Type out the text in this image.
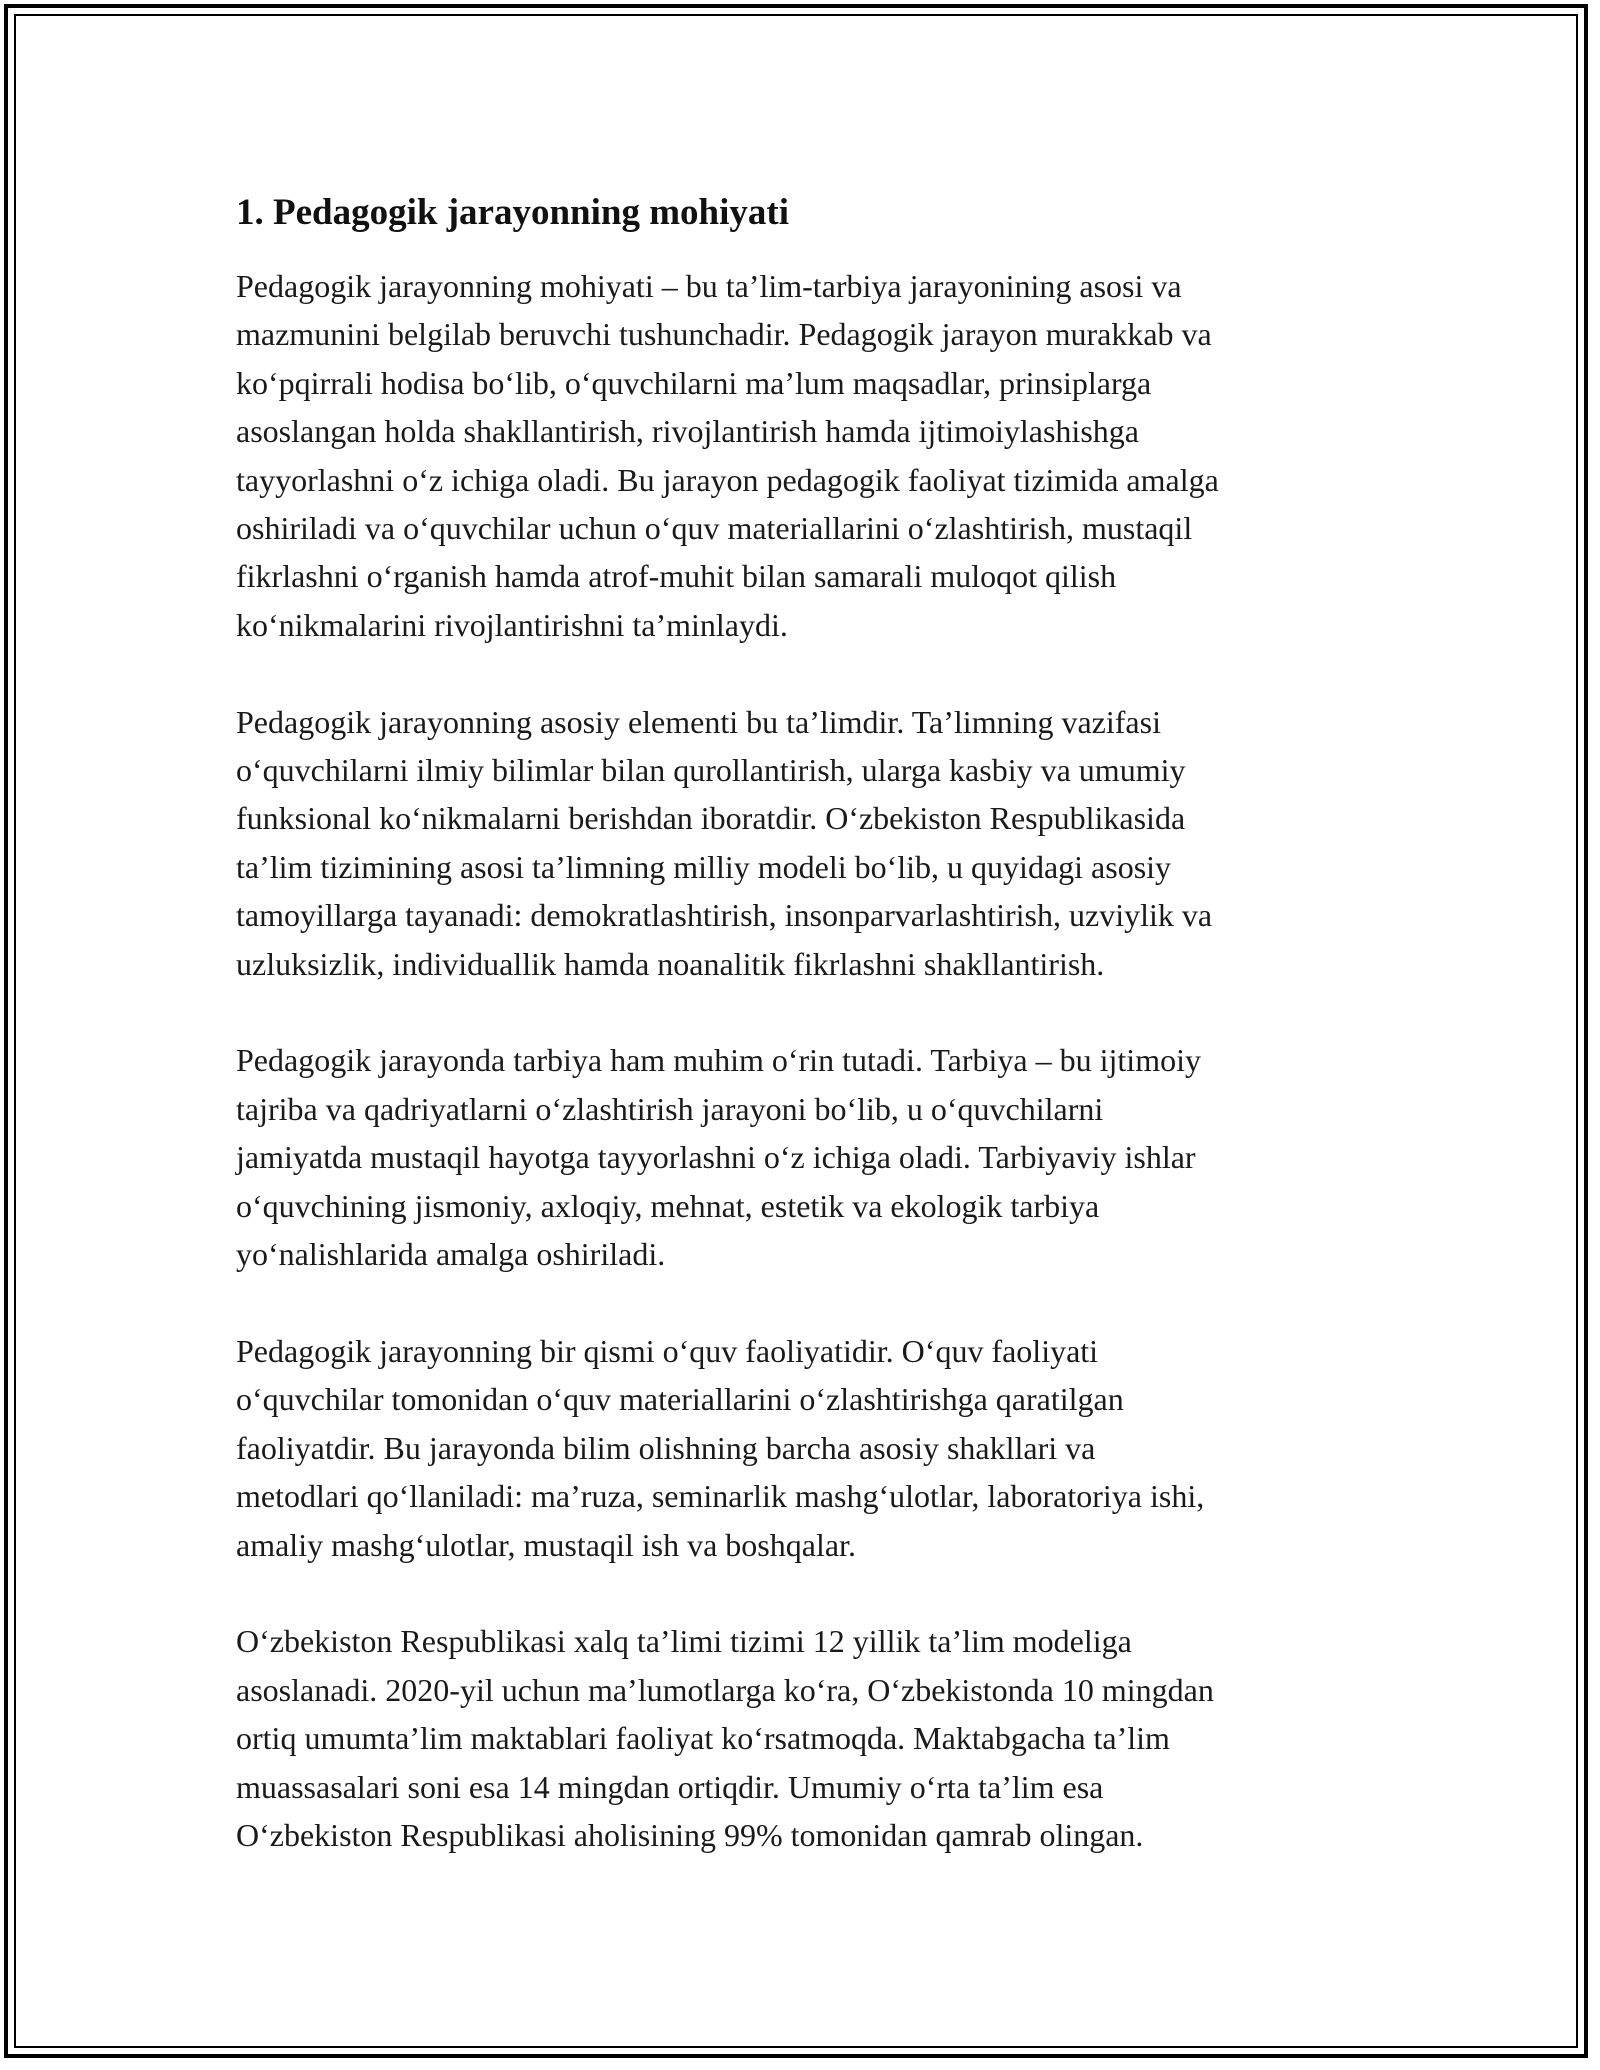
1. Pedagogik jarayonning mohiyati

Pedagogik jarayonning mohiyati – bu ta’lim-tarbiya jarayonining asosi va
mazmunini belgilab beruvchi tushunchadir. Pedagogik jarayon murakkab va
ko‘pqirrali hodisa bo‘lib, o‘quvchilarni ma’lum maqsadlar, prinsiplarga
asoslangan holda shakllantirish, rivojlantirish hamda ijtimoiylashishga
tayyorlashni o‘z ichiga oladi. Bu jarayon pedagogik faoliyat tizimida amalga
oshiriladi va o‘quvchilar uchun o‘quv materiallarini o‘zlashtirish, mustaqil
fikrlashni o‘rganish hamda atrof-muhit bilan samarali muloqot qilish
ko‘nikmalarini rivojlantirishni ta’minlaydi.

Pedagogik jarayonning asosiy elementi bu ta’limdir. Ta’limning vazifasi
o‘quvchilarni ilmiy bilimlar bilan qurollantirish, ularga kasbiy va umumiy
funksional ko‘nikmalarni berishdan iboratdir. O‘zbekiston Respublikasida
ta’lim tizimining asosi ta’limning milliy modeli bo‘lib, u quyidagi asosiy
tamoyillarga tayanadi: demokratlashtirish, insonparvarlashtirish, uzviylik va
uzluksizlik, individuallik hamda noanalitik fikrlashni shakllantirish.

Pedagogik jarayonda tarbiya ham muhim o‘rin tutadi. Tarbiya – bu ijtimoiy
tajriba va qadriyatlarni o‘zlashtirish jarayoni bo‘lib, u o‘quvchilarni
jamiyatda mustaqil hayotga tayyorlashni o‘z ichiga oladi. Tarbiyaviy ishlar
o‘quvchining jismoniy, axloqiy, mehnat, estetik va ekologik tarbiya
yo‘nalishlarida amalga oshiriladi.

Pedagogik jarayonning bir qismi o‘quv faoliyatidir. O‘quv faoliyati
o‘quvchilar tomonidan o‘quv materiallarini o‘zlashtirishga qaratilgan
faoliyatdir. Bu jarayonda bilim olishning barcha asosiy shakllari va
metodlari qo‘llaniladi: ma’ruza, seminarlik mashg‘ulotlar, laboratoriya ishi,
amaliy mashg‘ulotlar, mustaqil ish va boshqalar.

O‘zbekiston Respublikasi xalq ta’limi tizimi 12 yillik ta’lim modeliga
asoslanadi. 2020-yil uchun ma’lumotlarga ko‘ra, O‘zbekistonda 10 mingdan
ortiq umumta’lim maktablari faoliyat ko‘rsatmoqda. Maktabgacha ta’lim
muassasalari soni esa 14 mingdan ortiqdir. Umumiy o‘rta ta’lim esa
O‘zbekiston Respublikasi aholisining 99% tomonidan qamrab olingan.
